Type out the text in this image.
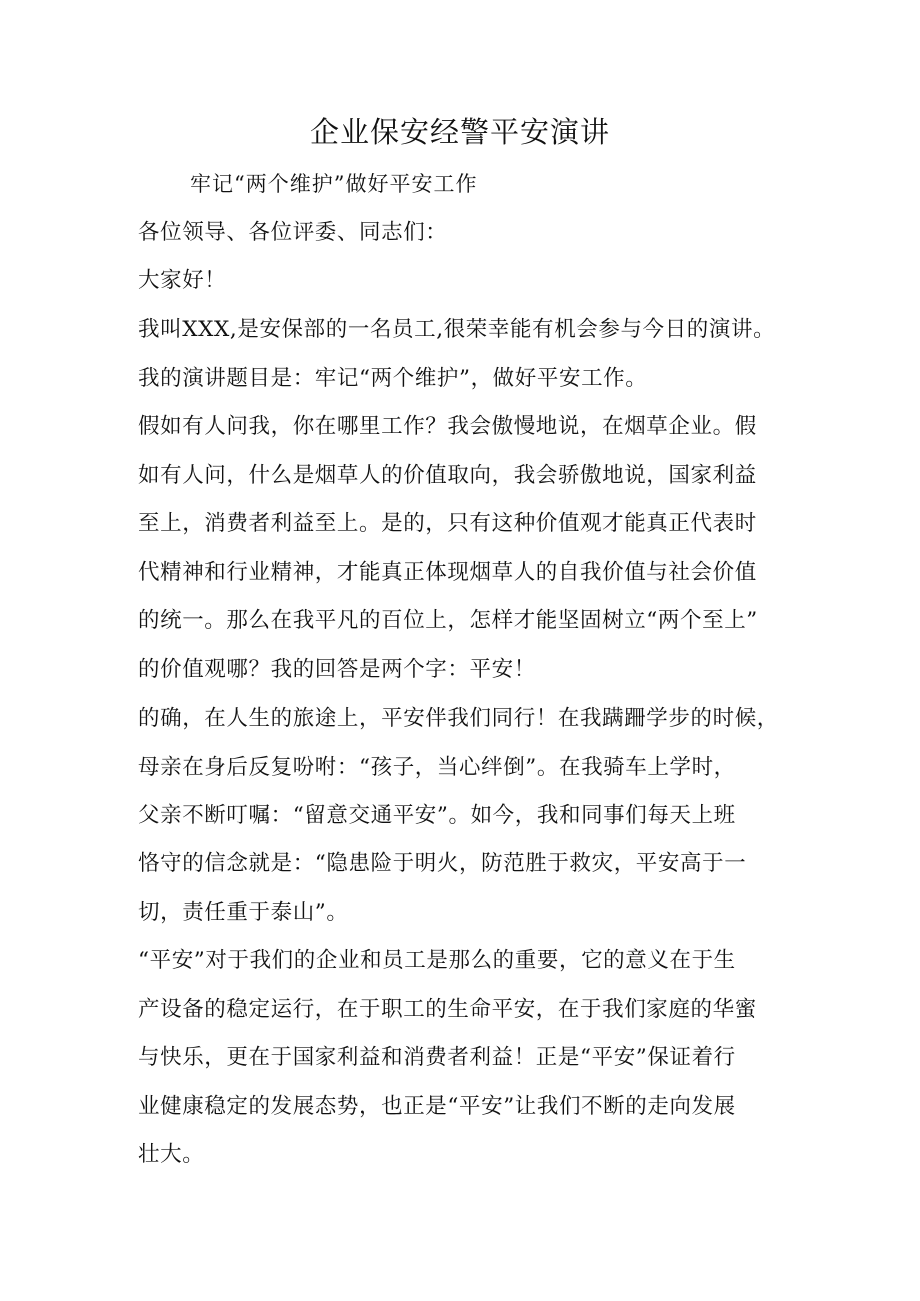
企业保安经警平安演讲
牢记“两个维护”做好平安工作
各位领导、各位评委、同志们：
大家好！
我叫XXX,是安保部的一名员工,很荣幸能有机会参与今日的演讲。
我的演讲题目是：牢记“两个维护”，做好平安工作。
假如有人问我，你在哪里工作？我会傲慢地说，在烟草企业。假
如有人问，什么是烟草人的价值取向，我会骄傲地说，国家利益
至上，消费者利益至上。是的，只有这种价值观才能真正代表时
代精神和行业精神，才能真正体现烟草人的自我价值与社会价值
的统一。那么在我平凡的百位上，怎样才能坚固树立“两个至上”
的价值观哪？我的回答是两个字：平安！
的确，在人生的旅途上，平安伴我们同行！在我蹒跚学步的时候，
母亲在身后反复吩咐：“孩子，当心绊倒”。在我骑车上学时，
父亲不断叮嘱：“留意交通平安”。如今，我和同事们每天上班
恪守的信念就是：“隐患险于明火，防范胜于救灾，平安高于一
切，责任重于泰山”。
“平安”对于我们的企业和员工是那么的重要，它的意义在于生
产设备的稳定运行，在于职工的生命平安，在于我们家庭的华蜜
与快乐，更在于国家利益和消费者利益！正是“平安”保证着行
业健康稳定的发展态势，也正是“平安”让我们不断的走向发展
壮大。
